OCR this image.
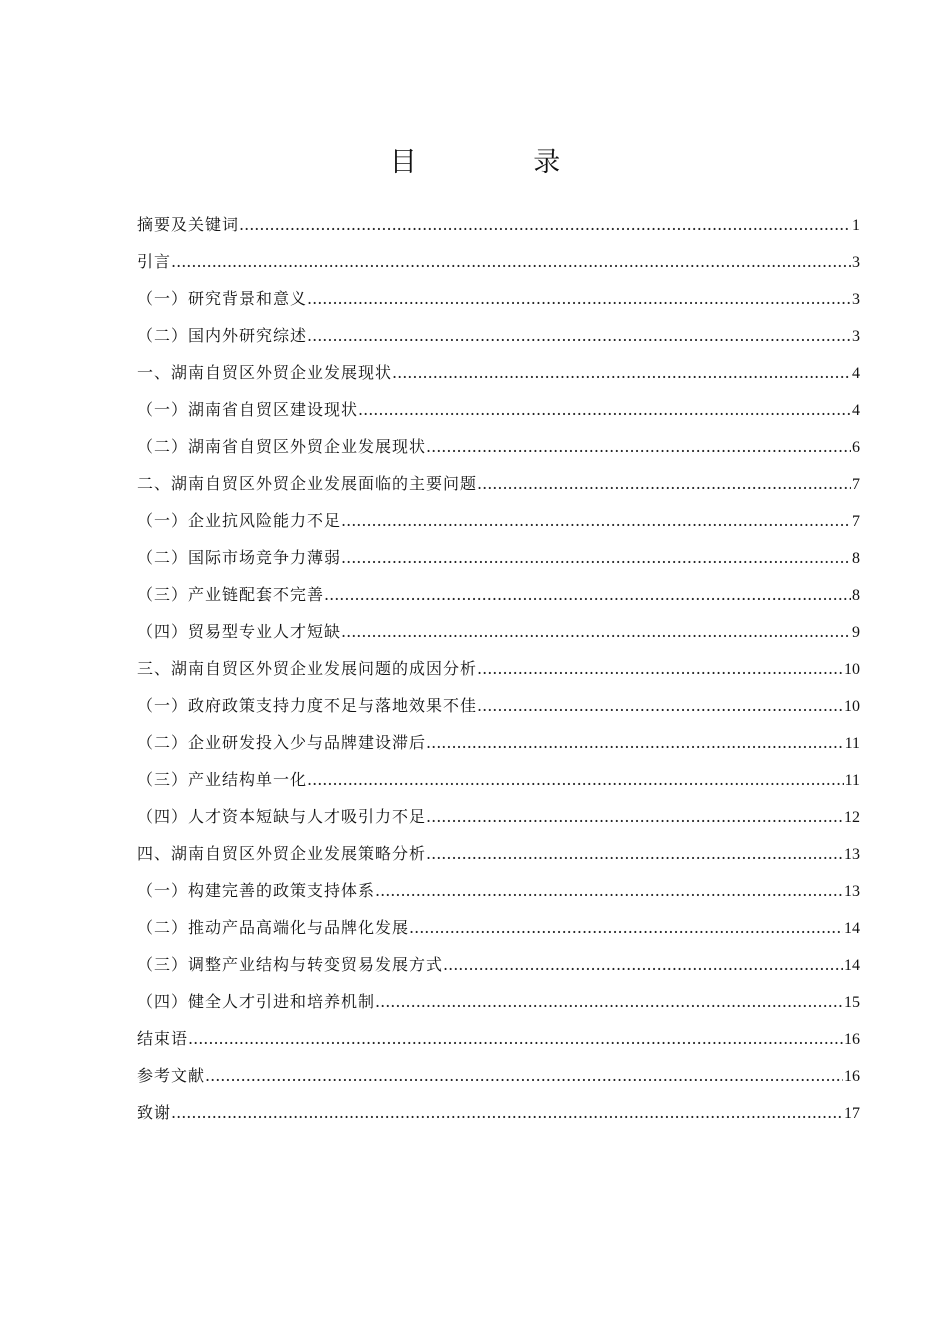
目 录
摘要及关键词 .....	1
引言 .....	3
（一）研究背景和意义 .....	3
（二）国内外研究综述 .....	3
一、湖南自贸区外贸企业发展现状 .....	4
（一）湖南省自贸区建设现状 .....	4
（二）湖南省自贸区外贸企业发展现状 .....	6
二、湖南自贸区外贸企业发展面临的主要问题 .....	7
（一）企业抗风险能力不足 .....	7
（二）国际市场竞争力薄弱 .....	8
（三）产业链配套不完善 .....	8
（四）贸易型专业人才短缺 .....	9
三、湖南自贸区外贸企业发展问题的成因分析 .....	10
（一）政府政策支持力度不足与落地效果不佳 .....	10
（二）企业研发投入少与品牌建设滞后 .....	11
（三）产业结构单一化 .....	11
（四）人才资本短缺与人才吸引力不足 .....	12
四、湖南自贸区外贸企业发展策略分析 .....	13
（一）构建完善的政策支持体系 .....	13
（二）推动产品高端化与品牌化发展 .....	14
（三）调整产业结构与转变贸易发展方式 .....	14
（四）健全人才引进和培养机制 .....	15
结束语 .....	16
参考文献 .....	16
致谢 .....	17
